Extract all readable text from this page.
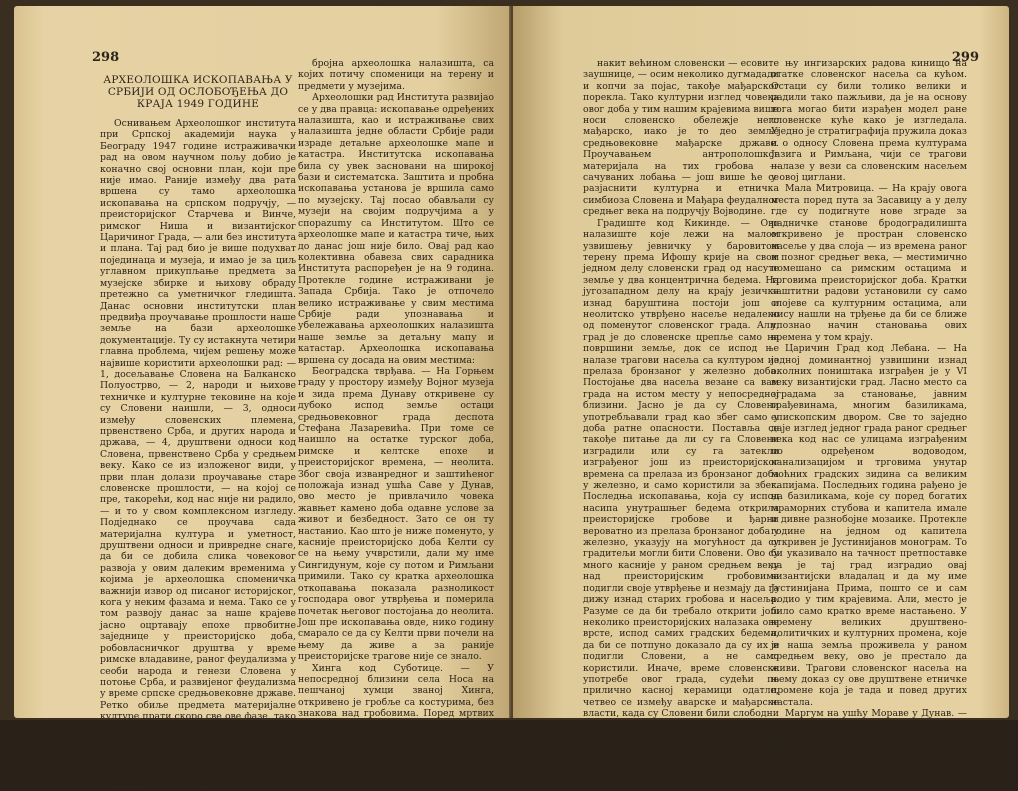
298

АРХЕОЛОШКА ИСКОПАВАЊА У СРБИЈИ ОД ОСЛОБОЂЕЊА ДО КРАЈА 1949 ГОДИНЕ

Оснивањем Археолошког института при Српској академији наука у Београду 1947 године истраживачки рад на овом научном пољу добио је коначно свој основни план, који пре није имао. Раније између два рата вршена су тамо археолошка ископавања на српском подручју, — преисторијског Старчева и Винче, римског Ниша и византијског Царичиног Града, — али без института и плана. Тај рад био је више подухват појединаца и музеја, и имао је за циљ углавном прикупљање предмета за музејске збирке и њихову обраду претежно са уметничког гледишта. Данас основни институтски план предвиђа проучавање прошлости наше земље на бази археолошке документације. Ту су истакнута четири главна проблема, чијем решењу може највише користити археолошки рад: — 1, досељавање Словена на Балканско Полуострво, — 2, народи и њихове техничке и културне тековине на које су Словени наишли, — 3, односи између словенских племена, првенствено Срба, и других народа и држава, — 4, друштвени односи код Словена, првенствено Срба у средњем веку. Како се из изложеног види, у први план долази проучавање старе словенске прошлости, — на којој се пре, такорећи, код нас није ни радило, — и то у свом комплексном изгледу. Подједнако се проучава сада материјална култура и уметност, друштвени односи и привредне снаге, да би се добила слика човековог развоја у овим далеким временима у којима је археолошка споменичка важнији извор од писаног историјског, кога у неким фазама и нема. Тако се у том развоју данас за наше крајеве јасно оцртавају епохе првобитне заједнице у преисторијско доба, робовласничког друштва у време римске владавине, раног феудализма у сеоби народа и генези Словена у потоње Срба, и развијеног феудализма у време српске средњовековне државе. Ретко обиље предмета материјалне културе прати скоро све ове фазе, тако да наша земља улази у групу археолошки најзанимљивијих крајева Европе. Блиски Исток, антички Грчка и Рим, Византија, сви народи и племена из времена велике сеобе оставили су за собом

бројна археолошка налазишта, са којих потичу споменици на терену и предмети у музејима.

Археолошки рад Института развијао се у два правца: ископавање одређених налазишта, као и истраживање свих налазишта једне области Србије ради израде детаљне археолошке мапе и катастра. Институтска ископавања била су увек засновани на широкој бази и систематска. Заштита и пробна ископавања установа је вршила само по музејску. Тај посао обављали су музеји на својим подручјима а у спорazumу са Институтом. Што се археолошке мапе и катастра тиче, њих до данас још није било. Овај рад као колективна обавеза свих сарадника Института распоређен је на 9 година. Протекле године истраживани је Запада Србија. Тако је отпочело велико истраживање у свим местима Србије ради упознавања и убележавања археолошких налазишта наше земље за детаљну мапу и катастар. Археолошка ископавања вршена су досада на овим местима:

Београдска тврђава. — На Горњем граду у простору између Војног музеја и зида према Дунаву откривене су дубоко испод земље остаци средњовековног града деспота Стефана Лазаревића. При томе се наишло на остатке турског доба, римске и келтске епохе и преисторијског времена, — неолита. Због своја изванредног и заштићеног положаја изнад ушћа Саве у Дунав, ово место је привлачило човека жавњет камено доба одавне услове за живот и безбедност. Затo се он ту настанио. Као што је ниже поменуто, у касније преисторијско доба Келти су се на њему учврстили, дали му име Сингидунум, које су потом и Римљани примили. Тако су кратка археолошка откопавања показала разноликост господара овог утврђења и померила почетак његовог постојања до неолита. Још пре ископавања овде, нико годину смарало се да су Келти први почели на њему да живе а за раније преисторијске трагове није се знало.

Хинга код Суботице. — У непосредној близини села Носа на пешчаној хумци званој Хинга, откривено је гробље са костурима, без знакова над гробовима. Поред мртвих налажени су се понекад посмртни дарови, претежно накит, рећи новац. Новци је мађарски од XI до XIV века, а

299

накит већином словенски — есовите заушнице, — осим неколико дугмадади и копчи за појас, такође мађарског порекла. Тако културни изглед човека овог доба у тим нашим крајевима више носи словенско обележје него мађарско, иако је то део земље средњовековне мађарске државе. Проучавањем антрополошког материјала на тих гробова — сачуваних лобања — још више ће се разјаснити културна и етничка симбиоза Словена и Мађара феудалног средњег века на подручју Војводине.

Градиште код Кикинде. — Ово налазиште које лежи на малом узвишењу јевничку у баровитом терену према Ифошу крије на свом једном делу словенски град од насуте земље у два концентрична бедема. На југозападном делу на крају језичка изнад баруштина постоји још и неолитско утврђено насеље недалеко од поменутог словенског града. Али, град је до словенске црепље само на површини земље, док се испод ње налазе трагови насеља са културом из прелаза бронзаног у железно доба. Постојање два насеља везане са вам града на истом месту у непосредној близини. Јасно је да су Словени употребљавали град као збег само у доба ратне опасности. Поставља се такође питање да ли су га Словени изградили или су га затекли изграђеног још из преисторијског времена са прелаза из бронзаног доба у железно, и само користили за збег. Последња ископавања, која су испод насипа унутрашњег бедема открила преисторијске гробове и ђарни вероватно из прелаза бронзаног доба у железно, указују на могућност да су градитељи могли бити Словени. Ово су много касније у раном средњем веку над преисторијским гробовима подигли своје утврђење и незмају да га дижу изнад старих гробова и насеља. Разуме се да би требало открити још неколико преисторијских налазака ове врсте, испод самих градских бедема, да би се потпуно доказало да су их и подигли Словени, а не само користили. Иначе, време словенске употребе овог града, судећи по приличнo касној керамици одатле, четвео се између аварске и мађарске власти, када су Словени били слободни и самостални.

Пиротиште. — У тзв. Нијовој линији, где је некада откривено насеље из бронзаног доба, сада се у продуже-

њу ингизарских радова кинищо на отатке словенског насеља са кућом. Остаци су били толико велики и радили тако пажљиви, да је на основу тога могао бити израђен модел ране словенске куће како је изгледала. Уједно је стратиграфија пружила доказ и о односу Словена према културама Јазига и Римљана, чији се трагови налазе у вези са словенским насељем у овој циглани.

Мала Митровица. — На крају овога места поред пута за Засавицу а у делу где су подигнуте нове зграде за радничке станове бродоградилишта откривено је простран словенско насеље у два слоја — из времена раног и позног средњег века, — местимично помешано са римским остацима и трговима преисторијског доба. Кратки заштитни радови установили су само слојеве са културним остацима, али нису нашли на трђење да би се ближе упознао начин становања ових времена у том крају.

Царичин Град код Лебана. — На једној доминантној узвишини изнад околних поништака изграђен је у VI веку византијски град. Ласно место са зградама за становање, јавним грађевинама, многим базиликама, епископским двором. Све то заједно даје изглед једног града раног средњег века код нас се улицама изграђеним по одређеном водоводом, канализацијом и трговима унутар моћних градских зидина са великим капијама. Последњих година рађено је на базиликама, које су поред богатих мраморних стубова и капитела имале и дивне разнобојне мозаике. Протекле године на једном од капитела откривен је Јустинијанов монограм. То би указивало на тачност претпоставке да је тај град изградио овај византијски владалац и да му име Јустинијана Прима, пошто се и сам родио у тим крајевима. Али, место је било само кратко време настањено. У времену великих друштвено-политичких и културних промена, које је наша земља проживела у раном средњем веку, ово је престало да живи. Трагови словенског насеља на њему доказ су ове друштвене етничке промене која је тада и повед других настала.

Маргум на ушћу Мораве у Дунав. — Ту је поред данашње Дубравице раније вековима постојало римско место. Ископине су открите-
